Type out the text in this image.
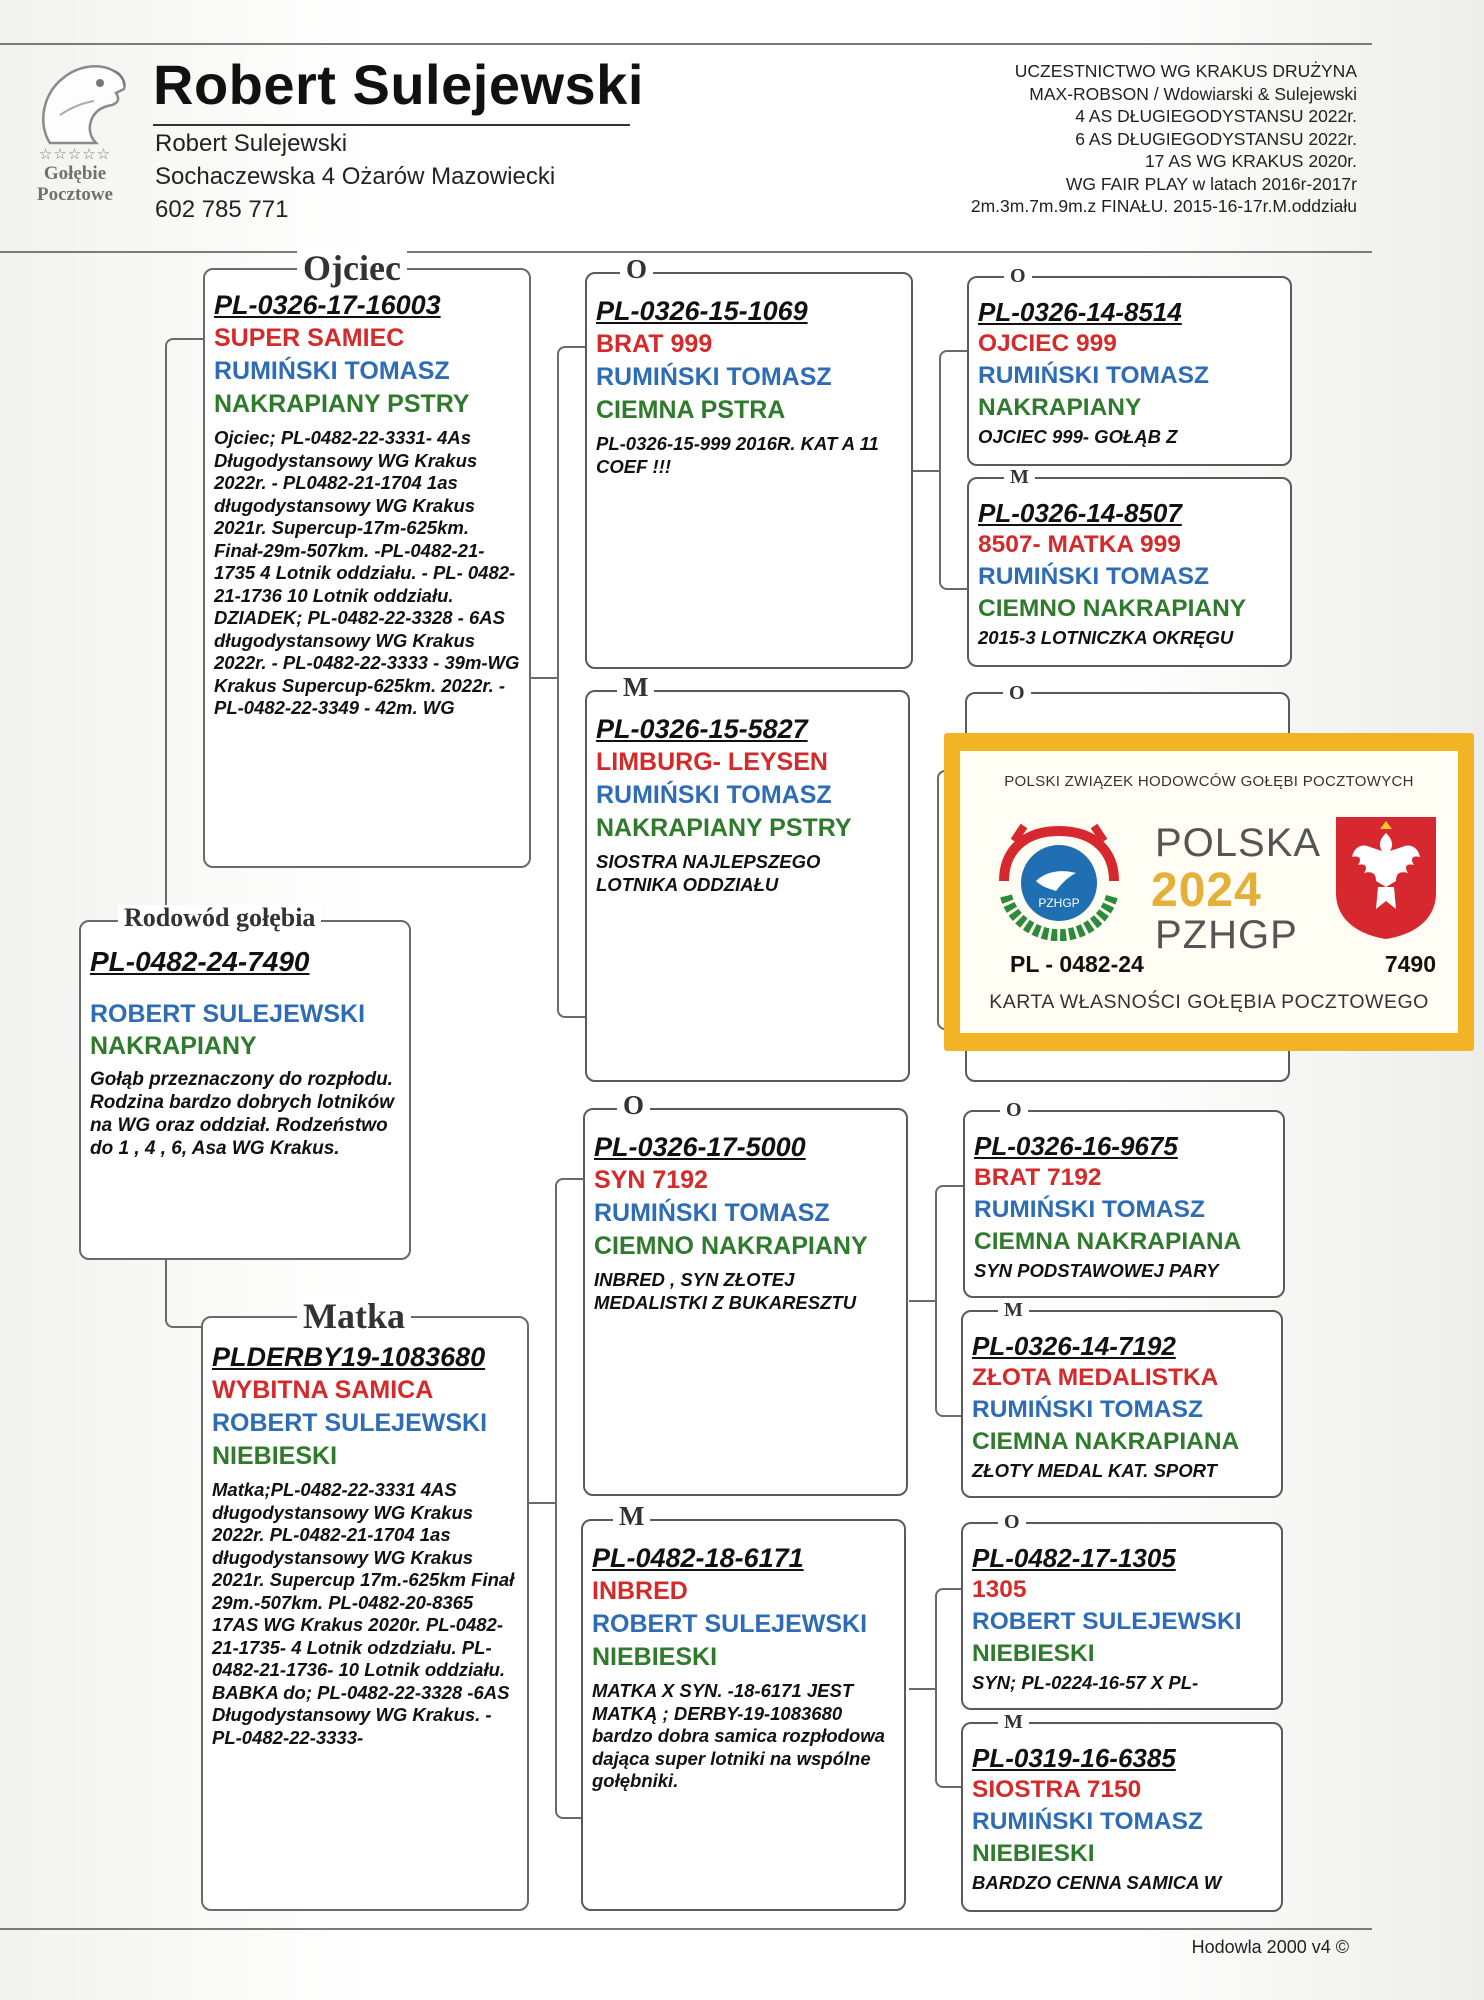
☆☆☆☆☆
Gołębie
Pocztowe
Robert Sulejewski
Robert Sulejewski
Sochaczewska 4 Ożarów Mazowiecki
602 785 771
UCZESTNICTWO WG KRAKUS DRUŻYNA
MAX-ROBSON / Wdowiarski & Sulejewski
4 AS DŁUGIEGODYSTANSU 2022r.
6 AS DŁUGIEGODYSTANSU 2022r.
17 AS WG KRAKUS 2020r.
WG FAIR PLAY w latach 2016r-2017r
2m.3m.7m.9m.z FINAŁU. 2015-16-17r.M.oddziału
PL-0482-24-7490
ROBERT SULEJEWSKI
NAKRAPIANY
Gołąb przeznaczony do rozpłodu. Rodzina bardzo dobrych lotników na WG oraz oddział. Rodzeństwo do 1 , 4 , 6, Asa WG Krakus.
Rodowód gołębia
PL-0326-17-16003
SUPER SAMIEC
RUMIŃSKI TOMASZ
NAKRAPIANY PSTRY
Ojciec; PL-0482-22-3331- 4As Długodystansowy WG Krakus 2022r. - PL0482-21-1704 1as długodystansowy WG Krakus 2021r. Supercup-17m-625km. Finał-29m-507km. -PL-0482-21-1735 4 Lotnik oddziału. - PL- 0482-21-1736 10 Lotnik oddziału. DZIADEK; PL-0482-22-3328 - 6AS długodystansowy WG Krakus 2022r. - PL-0482-22-3333 - 39m-WG Krakus Supercup-625km. 2022r. - PL-0482-22-3349 - 42m. WG
Ojciec
PLDERBY19-1083680
WYBITNA SAMICA
ROBERT SULEJEWSKI
NIEBIESKI
Matka;PL-0482-22-3331 4AS długodystansowy WG Krakus 2022r. PL-0482-21-1704 1as długodystansowy WG Krakus 2021r. Supercup 17m.-625km Finał 29m.-507km. PL-0482-20-8365 17AS WG Krakus 2020r. PL-0482-21-1735- 4 Lotnik odzdziału. PL-0482-21-1736- 10 Lotnik oddziału. BABKA do; PL-0482-22-3328 -6AS Długodystansowy WG Krakus. - PL-0482-22-3333-
Matka
PL-0326-15-1069
BRAT 999
RUMIŃSKI TOMASZ
CIEMNA PSTRA
PL-0326-15-999 2016R. KAT A 11 COEF !!!
O
PL-0326-15-5827
LIMBURG- LEYSEN
RUMIŃSKI TOMASZ
NAKRAPIANY PSTRY
SIOSTRA NAJLEPSZEGO LOTNIKA ODDZIAŁU
M
PL-0326-17-5000
SYN 7192
RUMIŃSKI TOMASZ
CIEMNO NAKRAPIANY
INBRED , SYN ZŁOTEJ MEDALISTKI Z BUKARESZTU
O
PL-0482-18-6171
INBRED
ROBERT SULEJEWSKI
NIEBIESKI
MATKA X SYN. -18-6171 JEST MATKĄ ; DERBY-19-1083680 bardzo dobra samica rozpłodowa dająca super lotniki na wspólne gołębniki.
M
PL-0326-14-8514
OJCIEC 999
RUMIŃSKI TOMASZ
NAKRAPIANY
OJCIEC 999- GOŁĄB Z
O
PL-0326-14-8507
8507- MATKA 999
RUMIŃSKI TOMASZ
CIEMNO NAKRAPIANY
2015-3 LOTNICZKA OKRĘGU
M
O
PL-0326-16-9675
BRAT 7192
RUMIŃSKI TOMASZ
CIEMNA NAKRAPIANA
SYN PODSTAWOWEJ PARY
O
PL-0326-14-7192
ZŁOTA MEDALISTKA
RUMIŃSKI TOMASZ
CIEMNA NAKRAPIANA
ZŁOTY MEDAL KAT. SPORT
M
PL-0482-17-1305
1305
ROBERT SULEJEWSKI
NIEBIESKI
SYN; PL-0224-16-57 X PL-
O
PL-0319-16-6385
SIOSTRA 7150
RUMIŃSKI TOMASZ
NIEBIESKI
BARDZO CENNA SAMICA W
M
POLSKI ZWIĄZEK HODOWCÓW GOŁĘBI POCZTOWYCH
PZHGP
POLSKA
2024
PZHGP
PL - 0482-24	7490
KARTA WŁASNOŚCI GOŁĘBIA POCZTOWEGO
Hodowla 2000 v4 ©
